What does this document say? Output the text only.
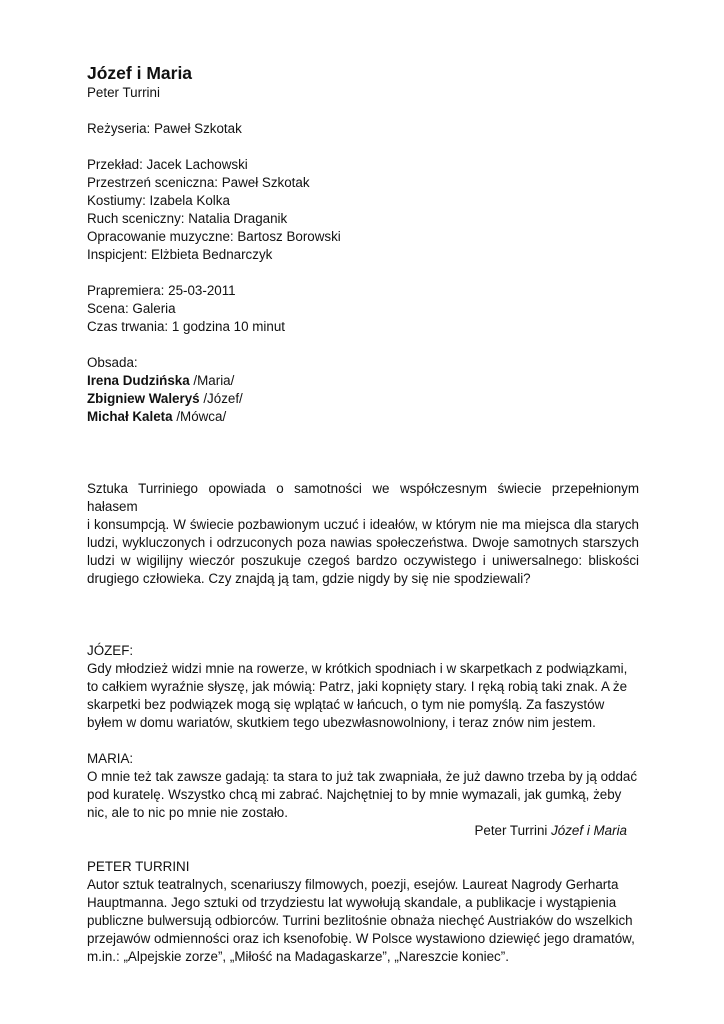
Józef i Maria
Peter Turrini
Reżyseria: Paweł Szkotak
Przekład: Jacek Lachowski
Przestrzeń sceniczna: Paweł Szkotak
Kostiumy: Izabela Kolka
Ruch sceniczny: Natalia Draganik
Opracowanie muzyczne: Bartosz Borowski
Inspicjent: Elżbieta Bednarczyk
Prapremiera: 25-03-2011
Scena: Galeria
Czas trwania: 1 godzina 10 minut
Obsada:
Irena Dudzińska /Maria/
Zbigniew Waleryś /Józef/
Michał Kaleta /Mówca/
Sztuka Turriniego opowiada o samotności we współczesnym świecie przepełnionym hałasem
i konsumpcją. W świecie pozbawionym uczuć i ideałów, w którym nie ma miejsca dla starych
ludzi, wykluczonych i odrzuconych poza nawias społeczeństwa. Dwoje samotnych starszych
ludzi w wigilijny wieczór poszukuje czegoś bardzo oczywistego i uniwersalnego: bliskości
drugiego człowieka. Czy znajdą ją tam, gdzie nigdy by się nie spodziewali?
JÓZEF:
Gdy młodzież widzi mnie na rowerze, w krótkich spodniach i w skarpetkach z podwiązkami,
to całkiem wyraźnie słyszę, jak mówią: Patrz, jaki kopnięty stary. I ręką robią taki znak. A że
skarpetki bez podwiązek mogą się wplątać w łańcuch, o tym nie pomyślą. Za faszystów
byłem w domu wariatów, skutkiem tego ubezwłasnowolniony, i teraz znów nim jestem.
MARIA:
O mnie też tak zawsze gadają: ta stara to już tak zwapniała, że już dawno trzeba by ją oddać
pod kuratelę. Wszystko chcą mi zabrać. Najchętniej to by mnie wymazali, jak gumką, żeby
nic, ale to nic po mnie nie zostało.
Peter Turrini Józef i Maria
PETER TURRINI
Autor sztuk teatralnych, scenariuszy filmowych, poezji, esejów. Laureat Nagrody Gerharta
Hauptmanna. Jego sztuki od trzydziestu lat wywołują skandale, a publikacje i wystąpienia
publiczne bulwersują odbiorców. Turrini bezlitośnie obnaża niechęć Austriaków do wszelkich
przejawów odmienności oraz ich ksenofobię. W Polsce wystawiono dziewięć jego dramatów,
m.in.: „Alpejskie zorze”, „Miłość na Madagaskarze”, „Nareszcie koniec”.
